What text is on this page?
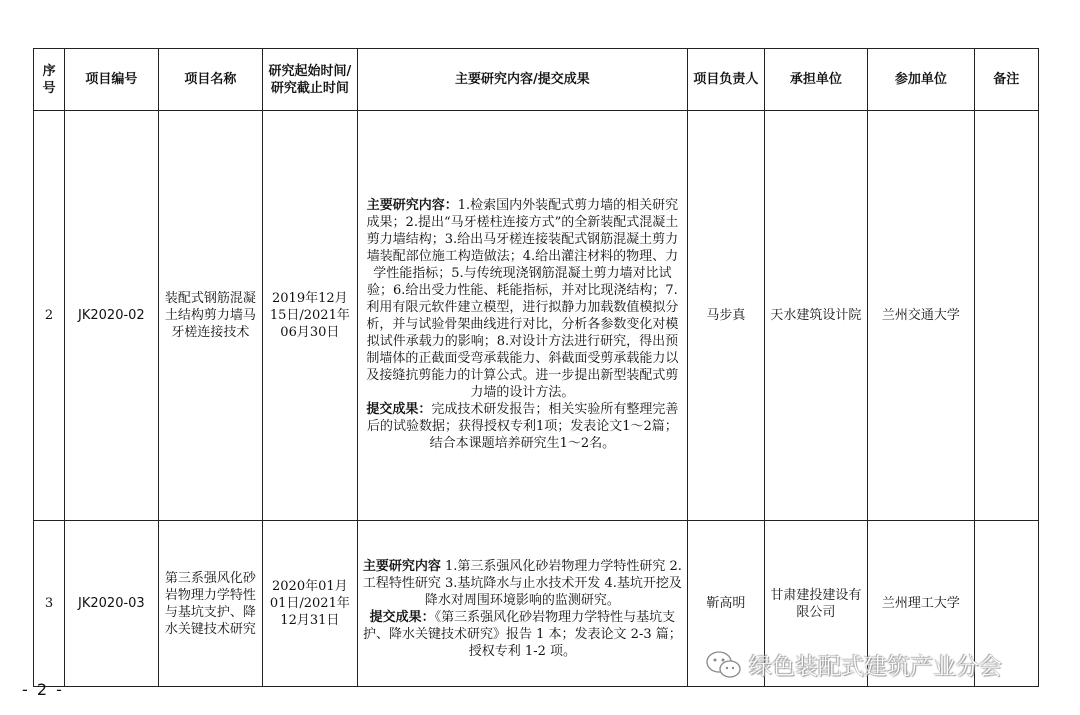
序号	项目编号	项目名称	研究起始时间/研究截止时间	主要研究内容/提交成果	项目负责人	承担单位	参加单位	备注
2	JK2020-02	装配式钢筋混凝土结构剪力墙马牙槎连接技术	2019年12月15日/2021年06月30日	主要研究内容：1.检索国内外装配式剪力墙的相关研究成果；2.提出“马牙槎柱连接方式”的全新装配式混凝土剪力墙结构；3.给出马牙槎连接装配式钢筋混凝土剪力墙装配部位施工构造做法；4.给出灌注材料的物理、力学性能指标；5.与传统现浇钢筋混凝土剪力墙对比试验；6.给出受力性能、耗能指标，并对比现浇结构；7.利用有限元软件建立模型，进行拟静力加载数值模拟分析，并与试验骨架曲线进行对比，分析各参数变化对模拟试件承载力的影响；8.对设计方法进行研究，得出预制墙体的正截面受弯承载能力、斜截面受剪承载能力以及接缝抗剪能力的计算公式。进一步提出新型装配式剪力墙的设计方法。
提交成果：完成技术研发报告；相关实验所有整理完善后的试验数据；获得授权专利1项；发表论文1～2篇；结合本课题培养研究生1～2名。	马步真	天水建筑设计院	兰州交通大学	
3	JK2020-03	第三系强风化砂岩物理力学特性与基坑支护、降水关键技术研究	2020年01月01日/2021年12月31日	主要研究内容 1.第三系强风化砂岩物理力学特性研究 2.工程特性研究 3.基坑降水与止水技术开发 4.基坑开挖及降水对周围环境影响的监测研究。
提交成果：《第三系强风化砂岩物理力学特性与基坑支护、降水关键技术研究》报告 1 本；发表论文 2-3 篇；授权专利 1-2 项。	靳高明	甘肃建投建设有限公司	兰州理工大学	
- 2 -
绿色装配式建筑产业分会
